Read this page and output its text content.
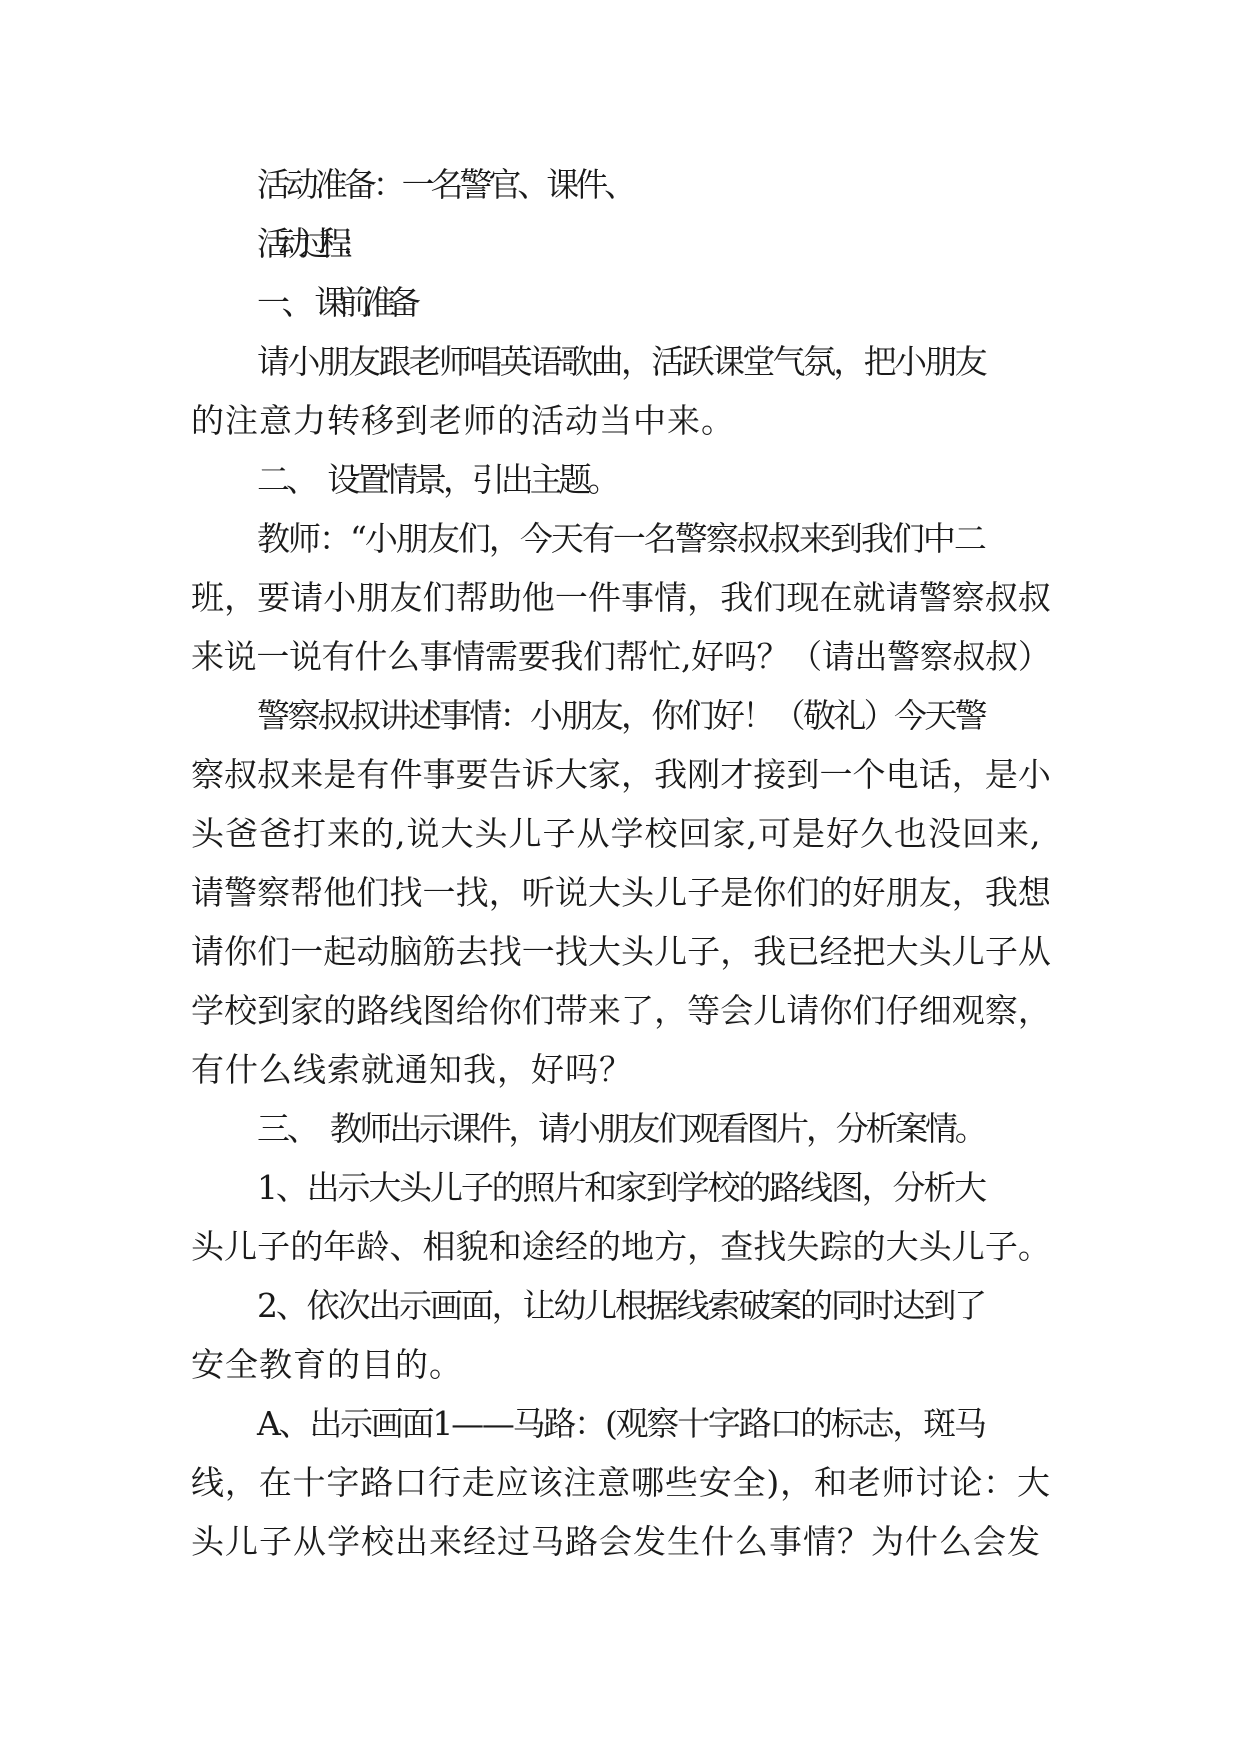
活动准备：一名警官、课件、
活动过程：
一、　课前准备
请小朋友跟老师唱英语歌曲，活跃课堂气氛，把小朋友
的注意力转移到老师的活动当中来。
二、　设置情景，引出主题。
教师：“小朋友们，今天有一名警察叔叔来到我们中二
班，要请小朋友们帮助他一件事情，我们现在就请警察叔叔
来说一说有什么事情需要我们帮忙,好吗？（请出警察叔叔）
警察叔叔讲述事情：小朋友，你们好！（敬礼）今天警
察叔叔来是有件事要告诉大家，我刚才接到一个电话，是小
头爸爸打来的,说大头儿子从学校回家,可是好久也没回来,
请警察帮他们找一找，听说大头儿子是你们的好朋友，我想
请你们一起动脑筋去找一找大头儿子，我已经把大头儿子从
学校到家的路线图给你们带来了，等会儿请你们仔细观察，
有什么线索就通知我，好吗？
三、　教师出示课件，请小朋友们观看图片，分析案情。
1、出示大头儿子的照片和家到学校的路线图，分析大
头儿子的年龄、相貌和途经的地方，查找失踪的大头儿子。
2、依次出示画面，让幼儿根据线索破案的同时达到了
安全教育的目的。
A、出示画面1——马路：(观察十字路口的标志，斑马
线，在十字路口行走应该注意哪些安全)，和老师讨论：大
头儿子从学校出来经过马路会发生什么事情？为什么会发
